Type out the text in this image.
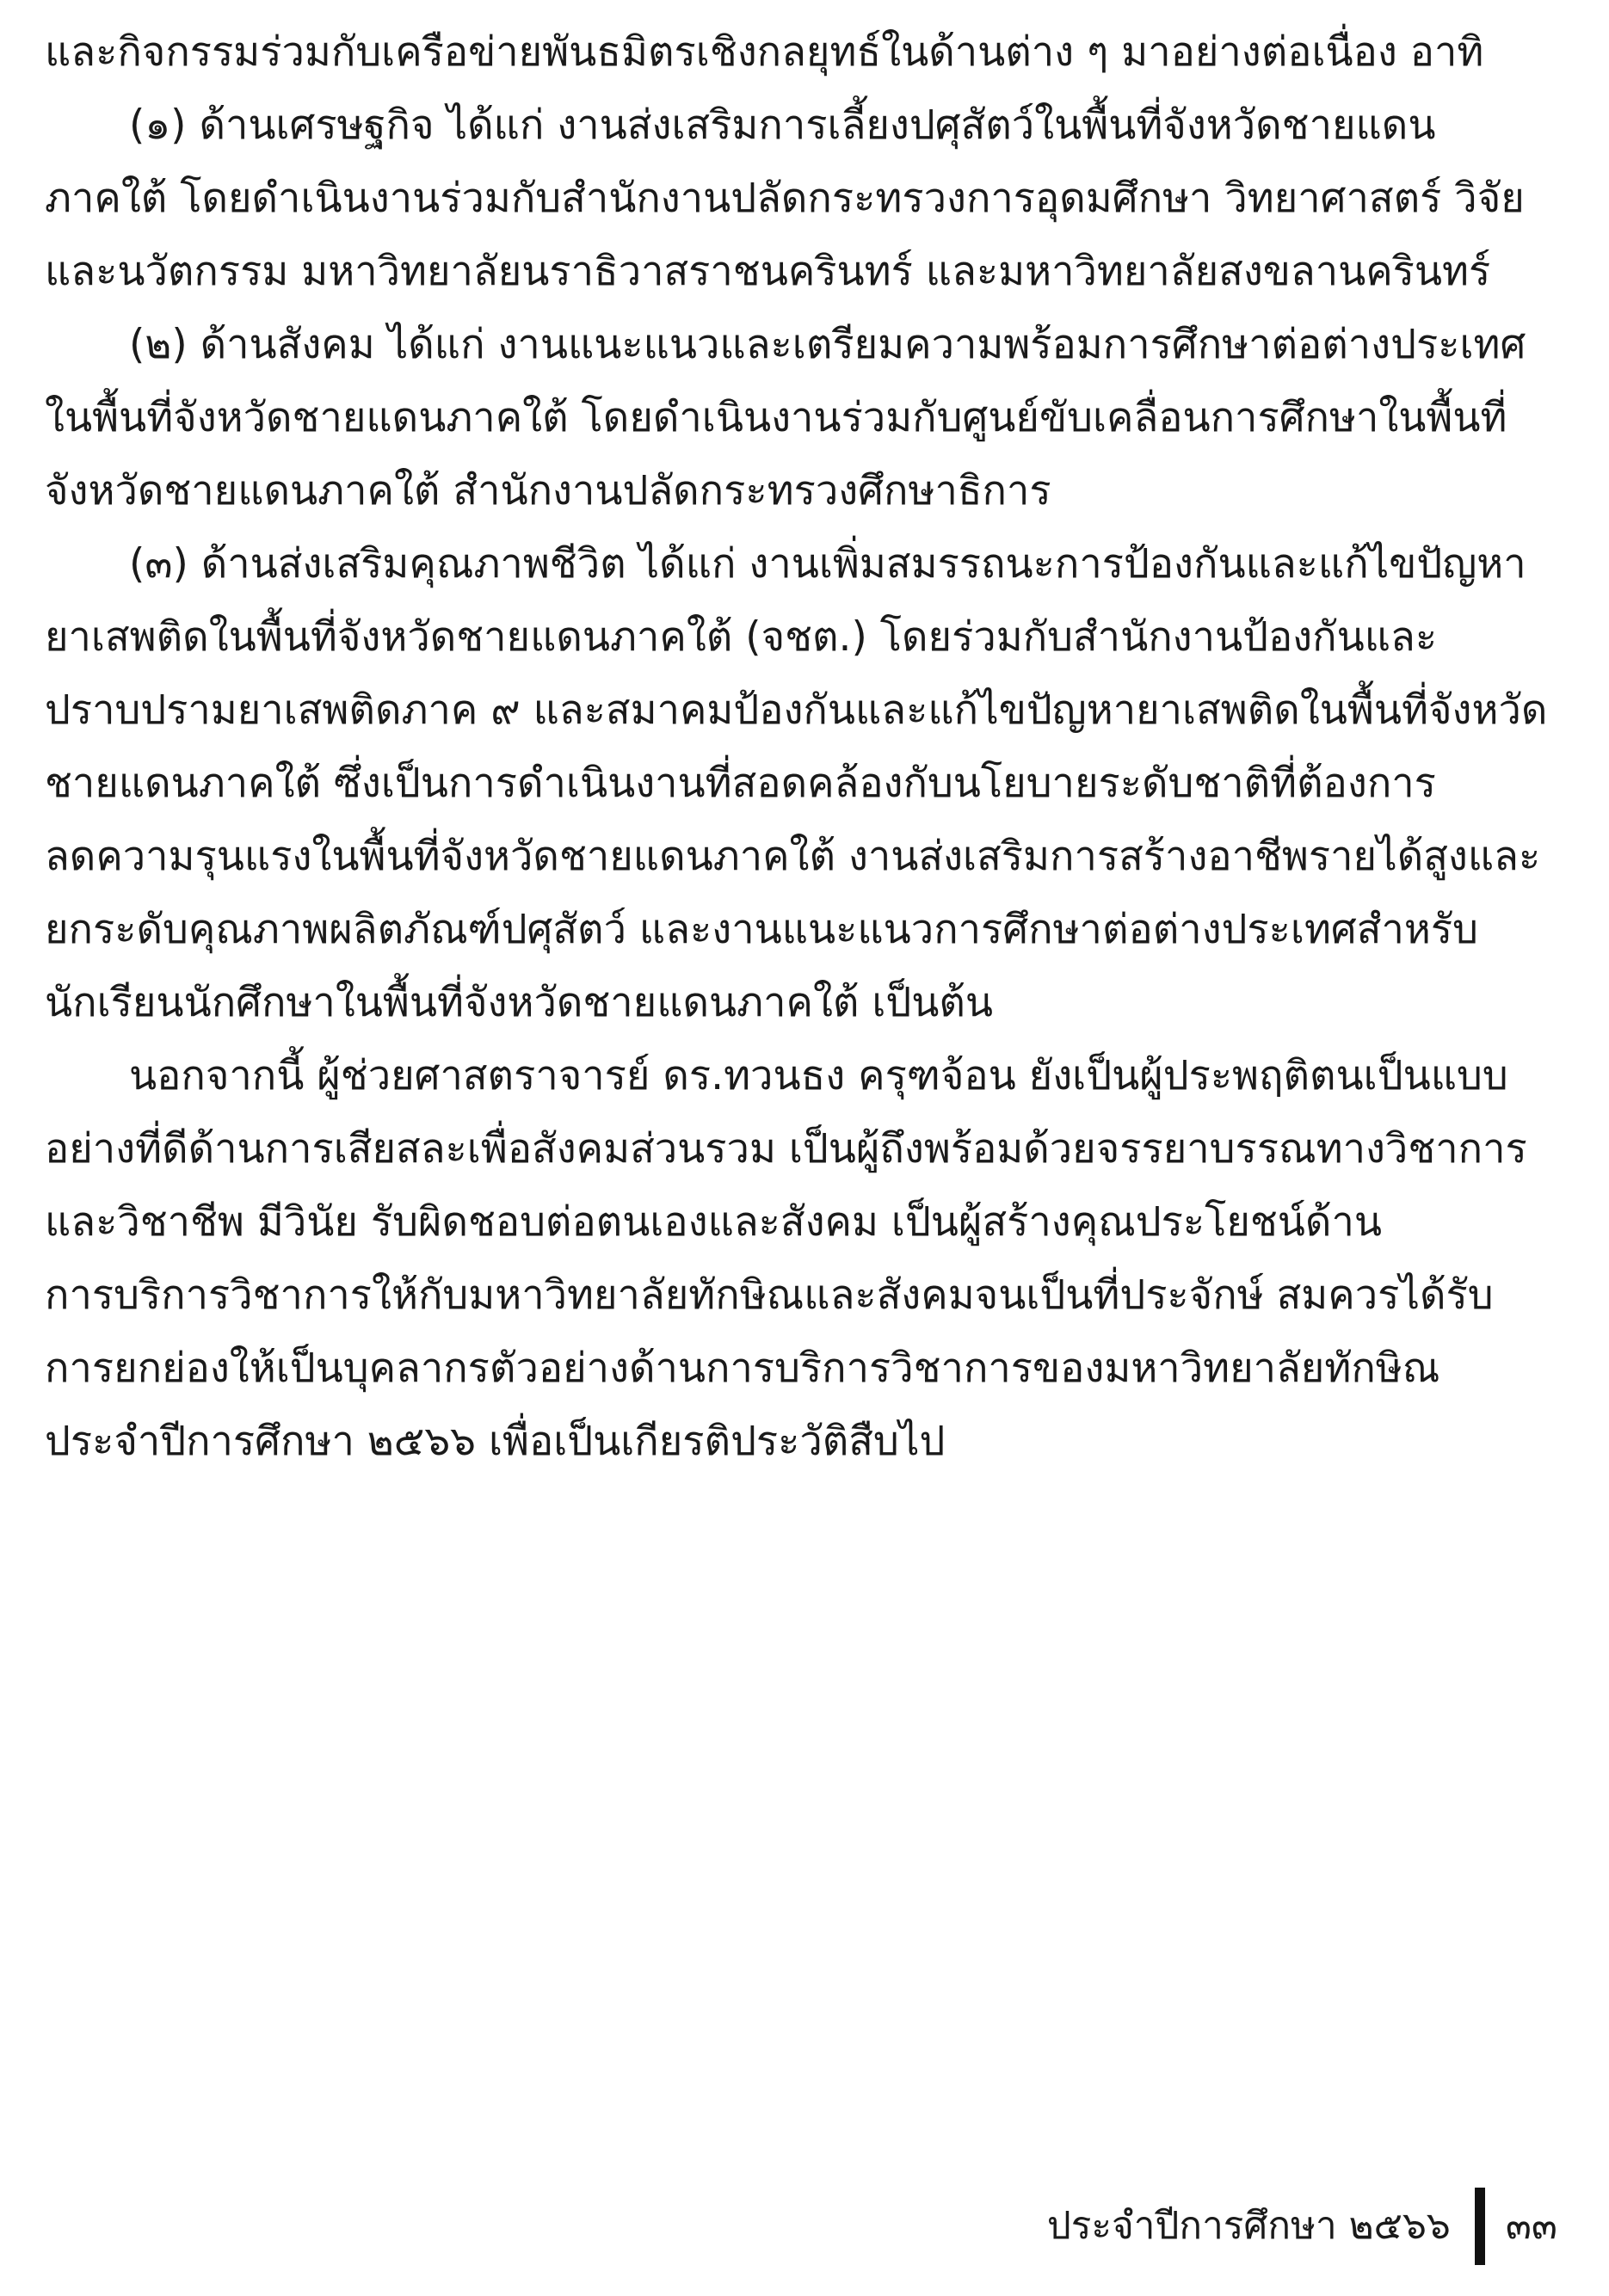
และกิจกรรมร่วมกับเครือข่ายพันธมิตรเชิงกลยุทธ์ในด้านต่าง ๆ มาอย่างต่อเนื่อง อาทิ
(๑) ด้านเศรษฐกิจ ได้แก่ งานส่งเสริมการเลี้ยงปศุสัตว์ในพื้นที่จังหวัดชายแดน
ภาคใต้ โดยดำเนินงานร่วมกับสำนักงานปลัดกระทรวงการอุดมศึกษา วิทยาศาสตร์ วิจัย
และนวัตกรรม มหาวิทยาลัยนราธิวาสราชนครินทร์ และมหาวิทยาลัยสงขลานครินทร์
(๒) ด้านสังคม ได้แก่ งานแนะแนวและเตรียมความพร้อมการศึกษาต่อต่างประเทศ
ในพื้นที่จังหวัดชายแดนภาคใต้ โดยดำเนินงานร่วมกับศูนย์ขับเคลื่อนการศึกษาในพื้นที่
จังหวัดชายแดนภาคใต้ สำนักงานปลัดกระทรวงศึกษาธิการ
(๓) ด้านส่งเสริมคุณภาพชีวิต ได้แก่ งานเพิ่มสมรรถนะการป้องกันและแก้ไขปัญหา
ยาเสพติดในพื้นที่จังหวัดชายแดนภาคใต้ (จชต.) โดยร่วมกับสำนักงานป้องกันและ
ปราบปรามยาเสพติดภาค ๙ และสมาคมป้องกันและแก้ไขปัญหายาเสพติดในพื้นที่จังหวัด
ชายแดนภาคใต้ ซึ่งเป็นการดำเนินงานที่สอดคล้องกับนโยบายระดับชาติที่ต้องการ
ลดความรุนแรงในพื้นที่จังหวัดชายแดนภาคใต้ งานส่งเสริมการสร้างอาชีพรายได้สูงและ
ยกระดับคุณภาพผลิตภัณฑ์ปศุสัตว์ และงานแนะแนวการศึกษาต่อต่างประเทศสำหรับ
นักเรียนนักศึกษาในพื้นที่จังหวัดชายแดนภาคใต้ เป็นต้น
นอกจากนี้ ผู้ช่วยศาสตราจารย์ ดร.ทวนธง ครุฑจ้อน ยังเป็นผู้ประพฤติตนเป็นแบบ
อย่างที่ดีด้านการเสียสละเพื่อสังคมส่วนรวม เป็นผู้ถึงพร้อมด้วยจรรยาบรรณทางวิชาการ
และวิชาชีพ มีวินัย รับผิดชอบต่อตนเองและสังคม เป็นผู้สร้างคุณประโยชน์ด้าน
การบริการวิชาการให้กับมหาวิทยาลัยทักษิณและสังคมจนเป็นที่ประจักษ์ สมควรได้รับ
การยกย่องให้เป็นบุคลากรตัวอย่างด้านการบริการวิชาการของมหาวิทยาลัยทักษิณ
ประจำปีการศึกษา ๒๕๖๖ เพื่อเป็นเกียรติประวัติสืบไป
ประจำปีการศึกษา ๒๕๖๖ ๓๓
